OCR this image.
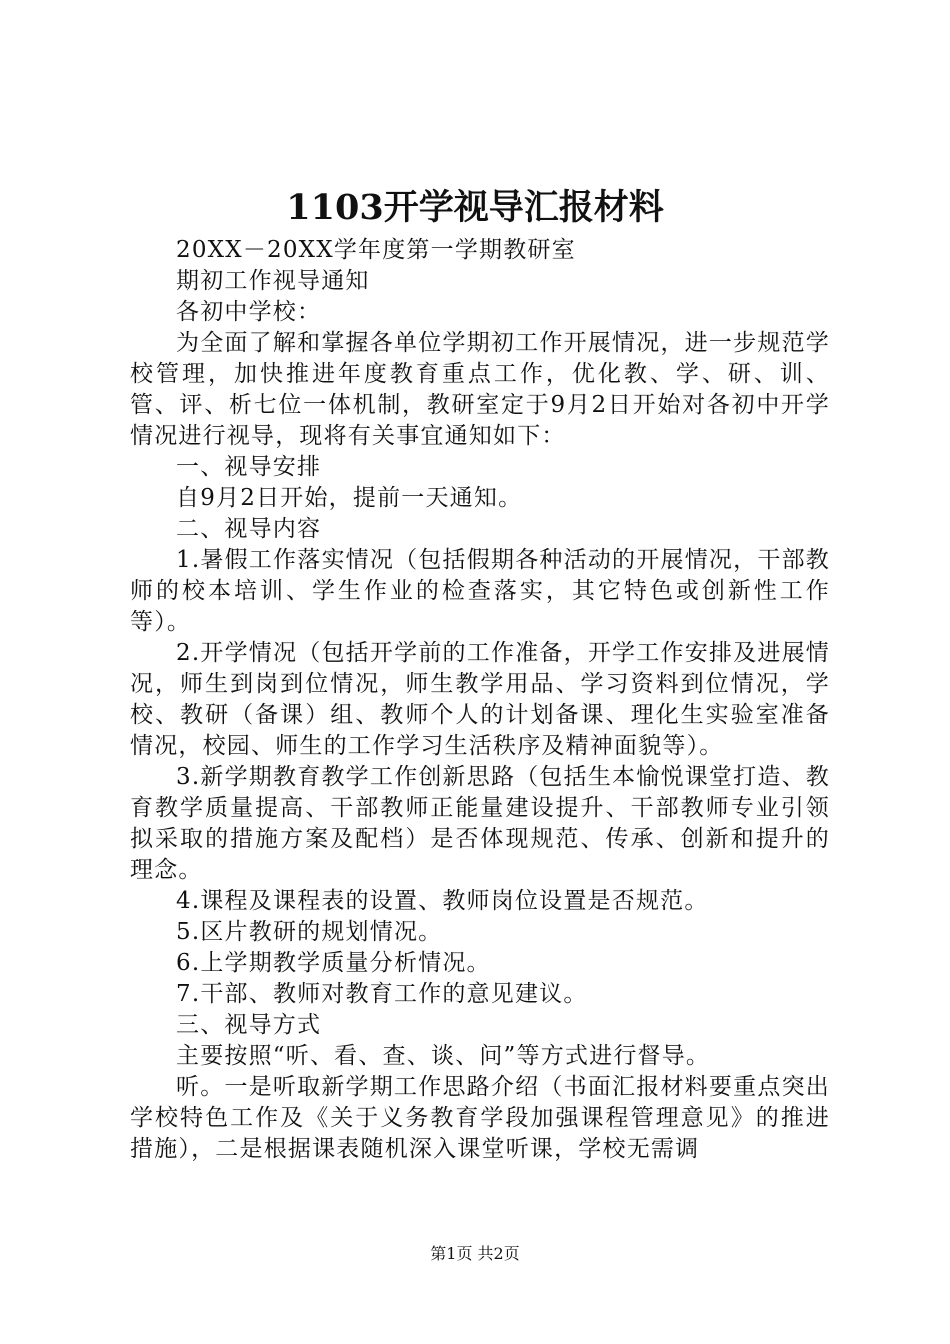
1103开学视导汇报材料

20XX－20XX学年度第一学期教研室

期初工作视导通知

各初中学校：

为全面了解和掌握各单位学期初工作开展情况，进一步规范学校管理，加快推进年度教育重点工作，优化教、学、研、训、管、评、析七位一体机制，教研室定于9月2日开始对各初中开学情况进行视导，现将有关事宜通知如下：

一、视导安排

自9月2日开始，提前一天通知。

二、视导内容

1.暑假工作落实情况（包括假期各种活动的开展情况，干部教师的校本培训、学生作业的检查落实，其它特色或创新性工作等）。

2.开学情况（包括开学前的工作准备，开学工作安排及进展情况，师生到岗到位情况，师生教学用品、学习资料到位情况，学校、教研（备课）组、教师个人的计划备课、理化生实验室准备情况，校园、师生的工作学习生活秩序及精神面貌等）。

3.新学期教育教学工作创新思路（包括生本愉悦课堂打造、教育教学质量提高、干部教师正能量建设提升、干部教师专业引领拟采取的措施方案及配档）是否体现规范、传承、创新和提升的理念。

4.课程及课程表的设置、教师岗位设置是否规范。

5.区片教研的规划情况。

6.上学期教学质量分析情况。

7.干部、教师对教育工作的意见建议。

三、视导方式

主要按照“听、看、查、谈、问”等方式进行督导。

听。一是听取新学期工作思路介绍（书面汇报材料要重点突出学校特色工作及《关于义务教育学段加强课程管理意见》的推进措施），二是根据课表随机深入课堂听课，学校无需调

第1页 共2页
